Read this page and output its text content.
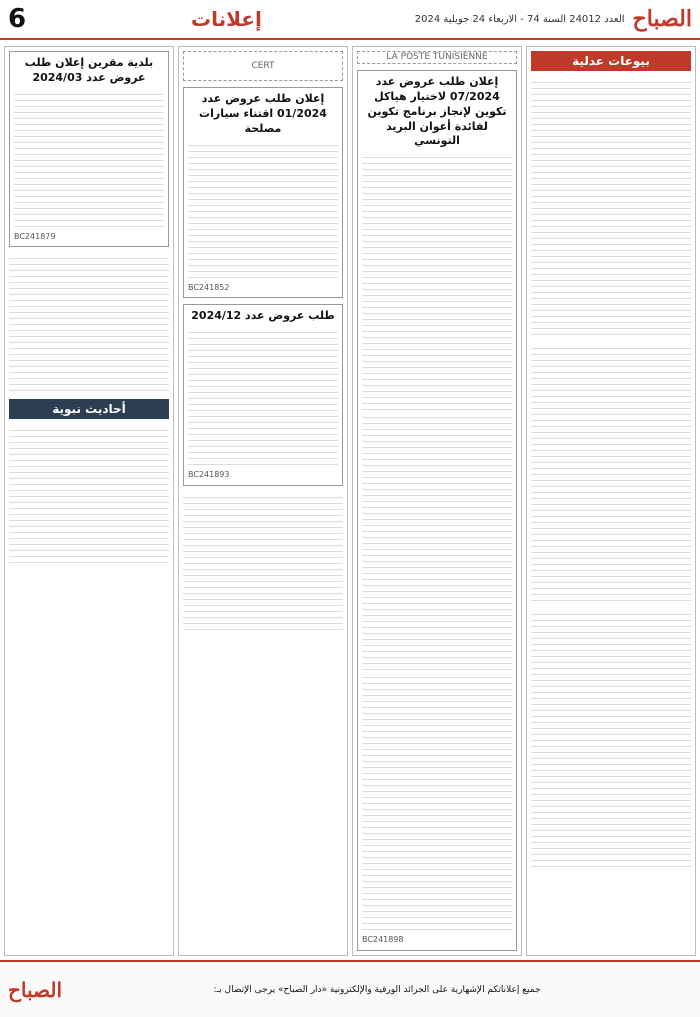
6	إعلانات	العدد 24012 السنة 74 - الاربعاء 24 جويلية 2024 الصباح
بيوعات عدلية
LA POSTE TUNISIENNE
إعلان طلب عروض عدد 07/2024 لاختيار هياكل تكوين لإنجاز برنامج تكوين لفائدة أعوان البريد التونسي
BC241898
CERT
إعلان طلب عروض عدد 01/2024 اقتناء سيارات مصلحة
BC241852
طلب عروض عدد 2024/12
BC241893
بلدية مقرين إعلان طلب عروض عدد 2024/03
BC241879
أحاديث نبوية
الصباح	جميع إعلاناتكم الإشهارية على الجرائد الورقية والإلكترونية «دار الصباح» يرجى الإتصال بـ:
